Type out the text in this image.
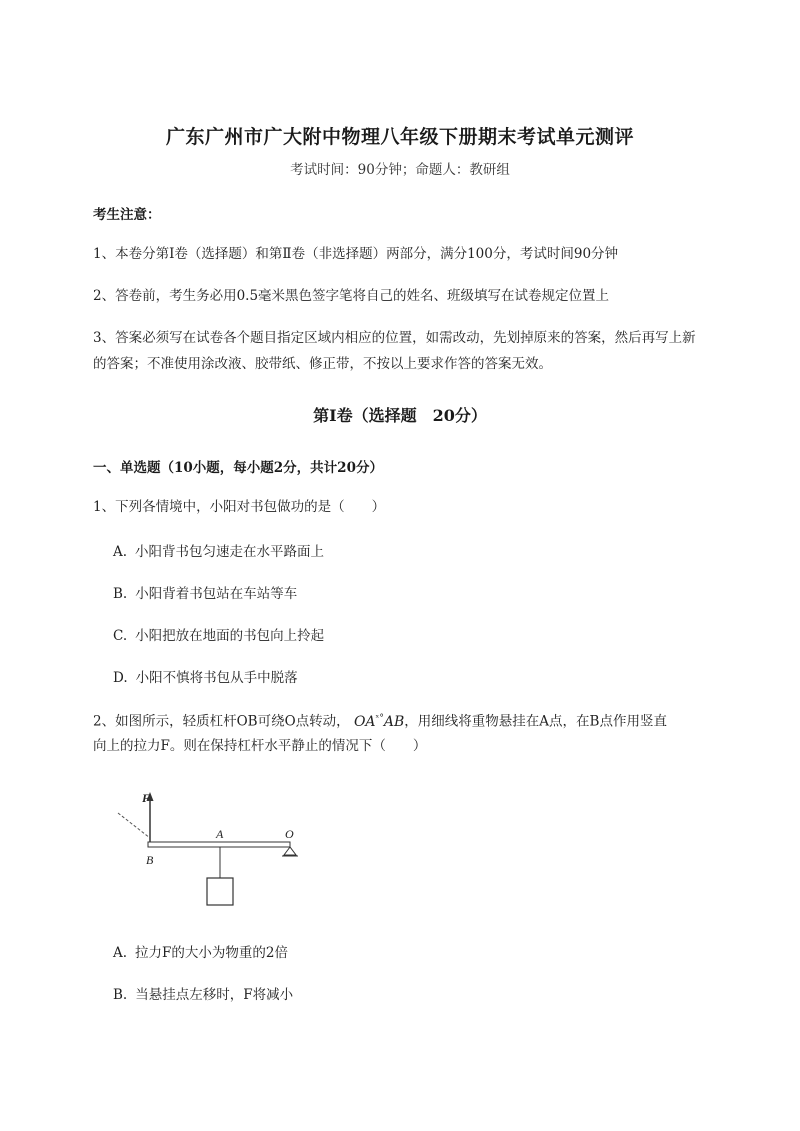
广东广州市广大附中物理八年级下册期末考试单元测评
考试时间：90分钟；命题人：教研组
考生注意：
1、本卷分第Ⅰ卷（选择题）和第Ⅱ卷（非选择题）两部分，满分100分，考试时间90分钟
2、答卷前，考生务必用0.5毫米黑色签字笔将自己的姓名、班级填写在试卷规定位置上
3、答案必须写在试卷各个题目指定区域内相应的位置，如需改动，先划掉原来的答案，然后再写上新的答案；不准使用涂改液、胶带纸、修正带，不按以上要求作答的答案无效。
第Ⅰ卷（选择题　20分）
一、单选题（10小题，每小题2分，共计20分）
1、下列各情境中，小阳对书包做功的是（　　）
A. 小阳背书包匀速走在水平路面上
B. 小阳背着书包站在车站等车
C. 小阳把放在地面的书包向上拎起
D. 小阳不慎将书包从手中脱落
2、如图所示，轻质杠杆OB可绕O点转动， $OA^{ˣ^\circ}AB$，用细线将重物悬挂在A点，在B点作用竖直
向上的拉力F。则在保持杠杆水平静止的情况下（　　）
F
O
A
B
A. 拉力F的大小为物重的2倍
B. 当悬挂点左移时，F将减小
